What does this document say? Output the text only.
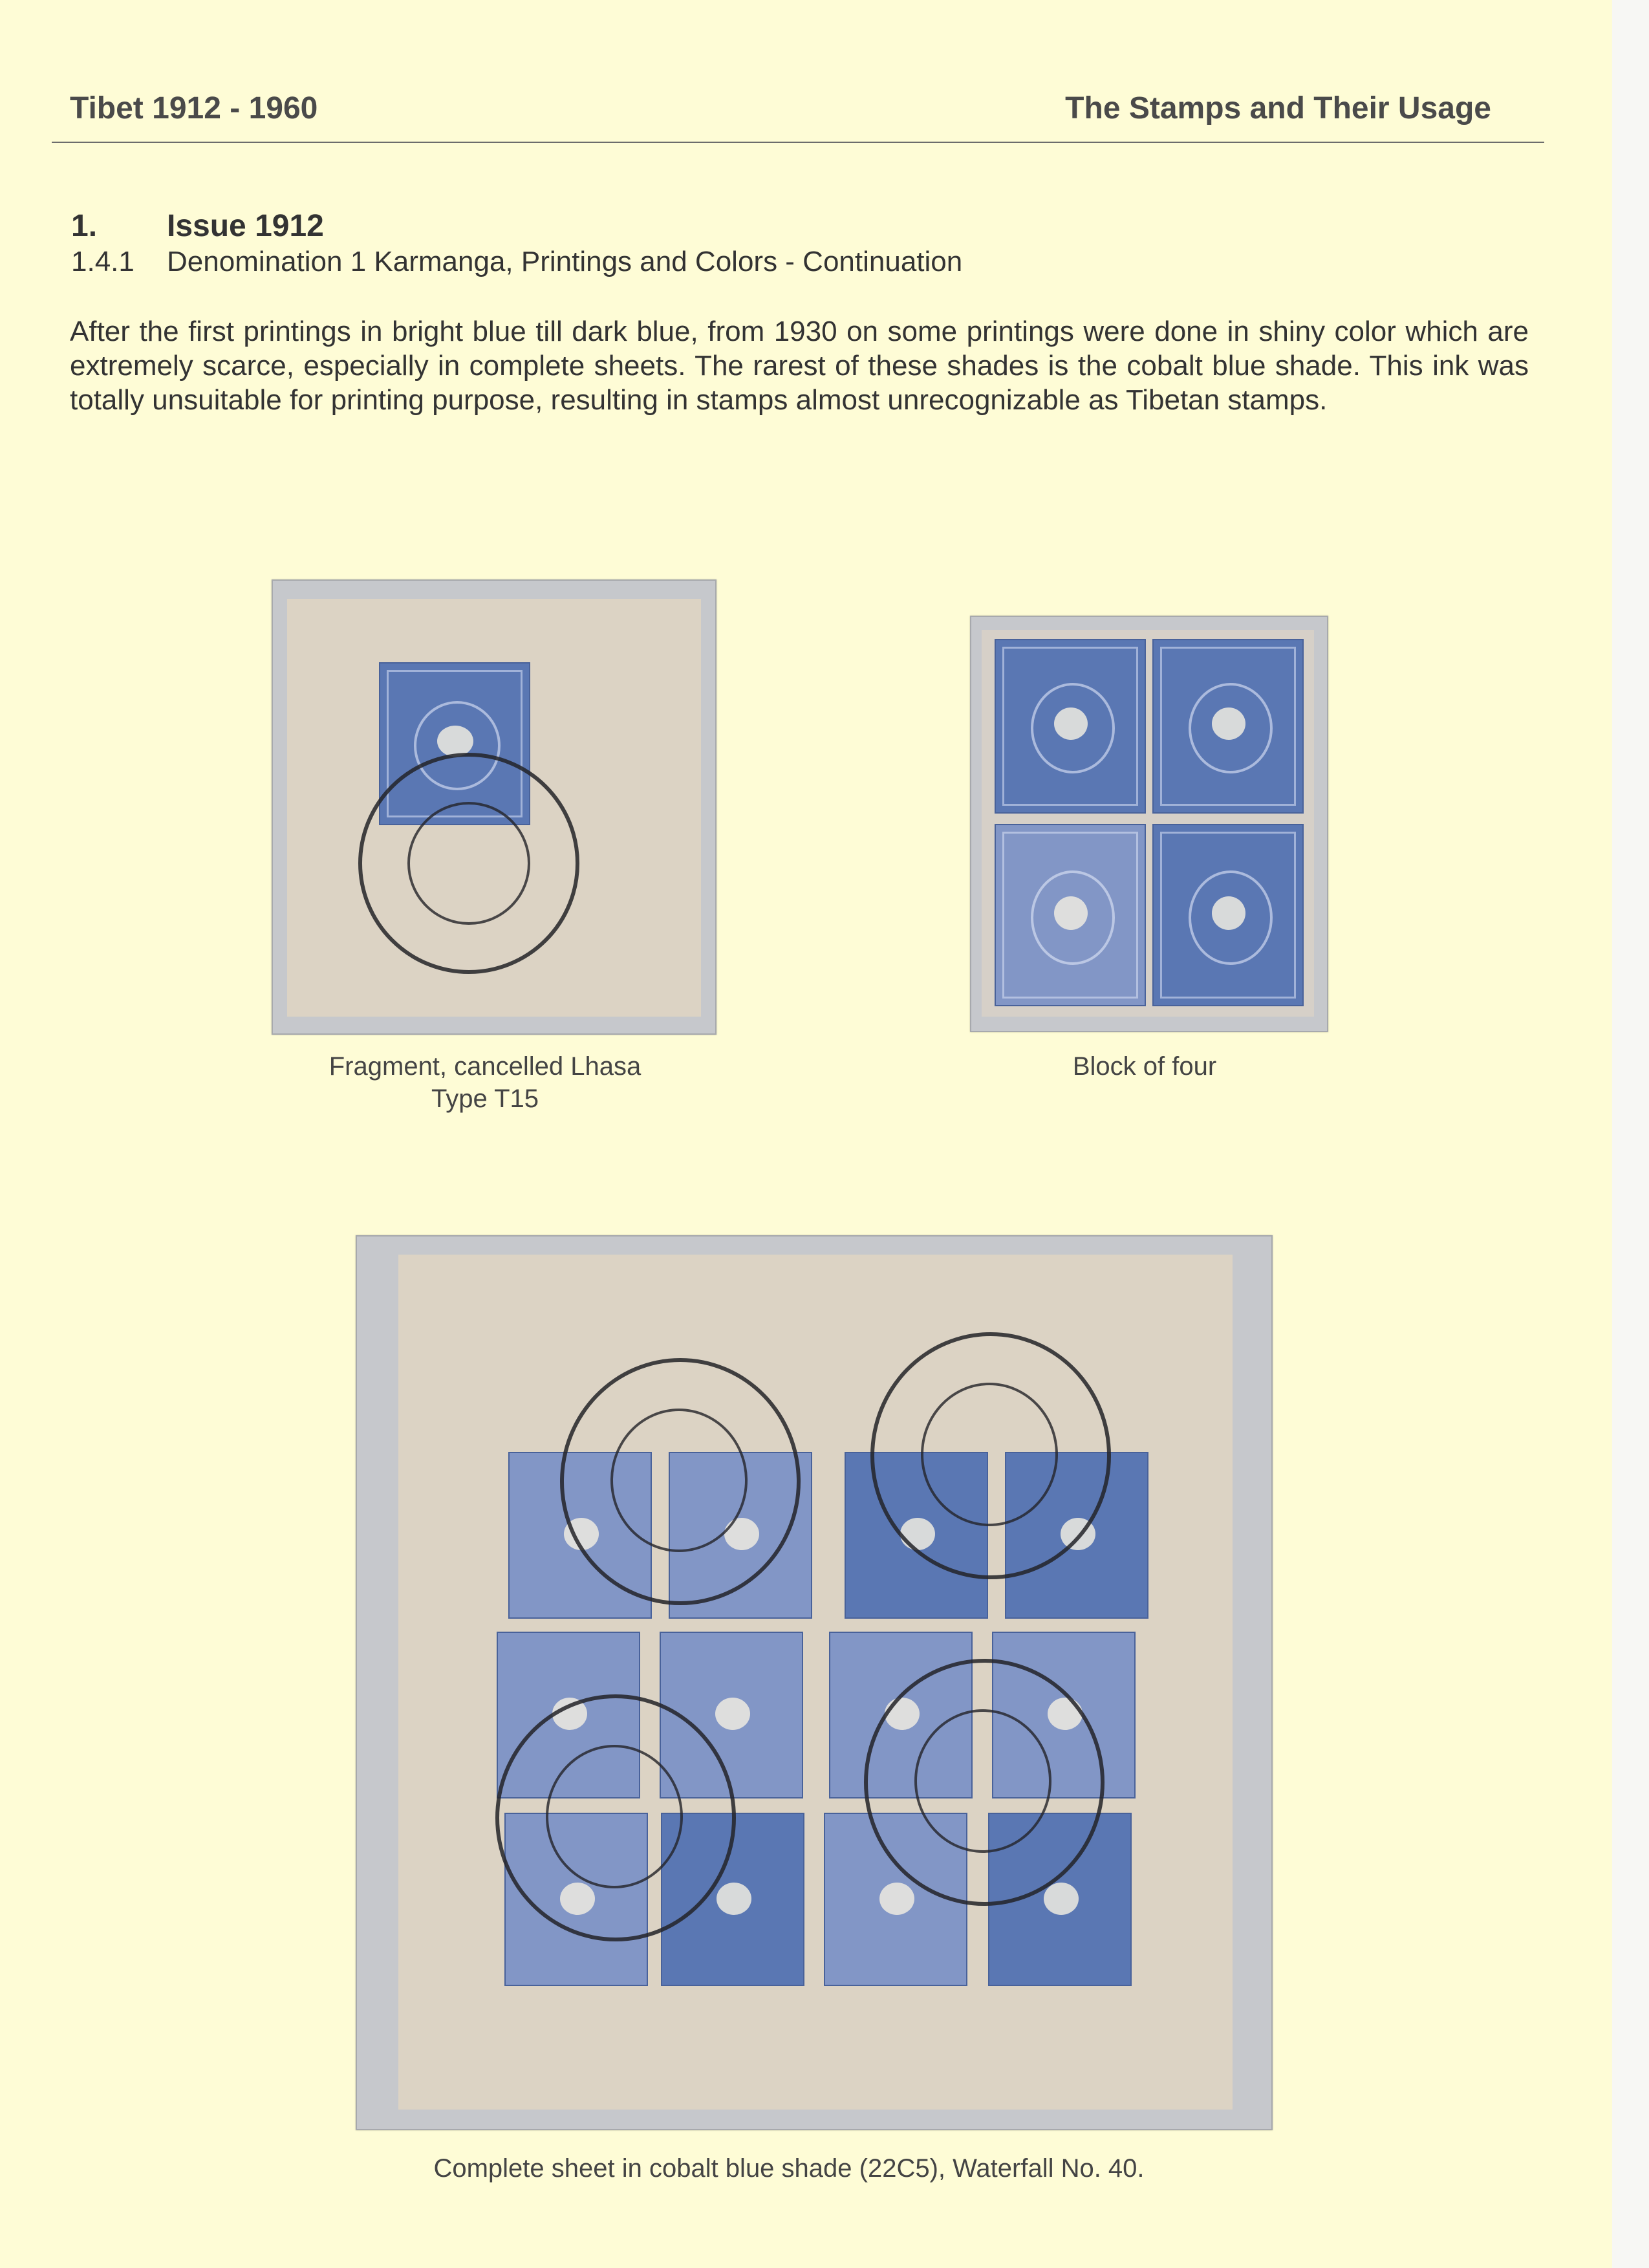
Tibet 1912 - 1960	The Stamps and Their Usage
1. Issue 1912
1.4.1 Denomination 1 Karmanga, Printings and Colors - Continuation
After the first printings in bright blue till dark blue, from 1930 on some printings were done in shiny color which are extremely scarce, especially in complete sheets. The rarest of these shades is the cobalt blue shade. This ink was totally unsuitable for printing purpose, resulting in stamps almost unrecognizable as Tibetan stamps.
Fragment, cancelled Lhasa
Type T15
Block of four
Complete sheet in cobalt blue shade (22C5), Waterfall No. 40.
